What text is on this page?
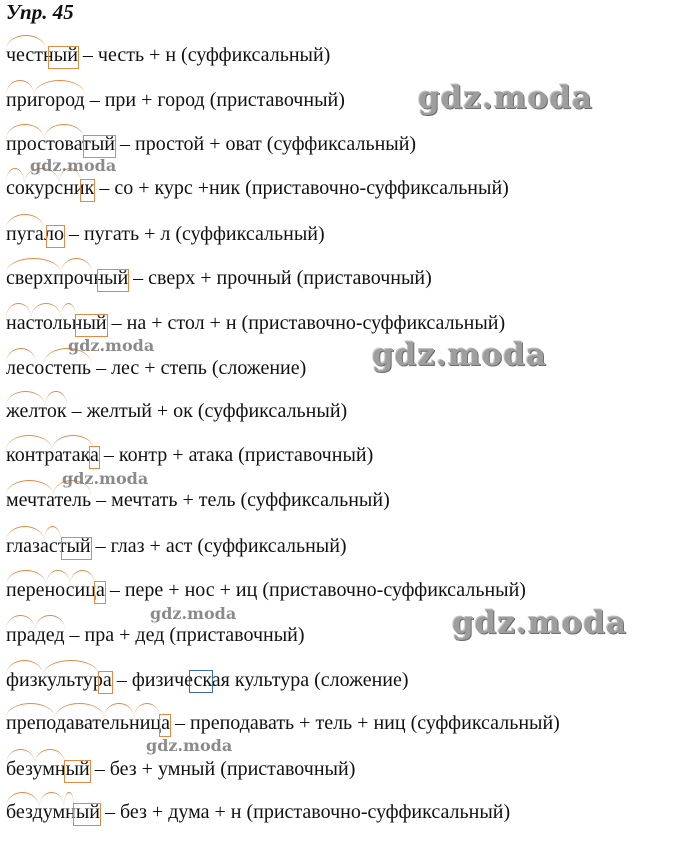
Упр. 45
честный
– честь + н (суффиксальный)
пригород
– при + город (приставочный)
простоватый
– простой + оват (суффиксальный)
сокурсник
– со + курс +ник (приставочно-суффиксальный)
пугало
– пугать + л (суффиксальный)
сверхпрочный
– сверх + прочный (приставочный)
настольный
– на + стол + н (приставочно-суффиксальный)
лесостепь
– лес + степь (сложение)
желток
– желтый + ок (суффиксальный)
контратака
– контр + атака (приставочный)
мечтатель
– мечтать + тель (суффиксальный)
глазастый
– глаз + аст (суффиксальный)
переносица
– пере + нос + иц (приставочно-суффиксальный)
прадед
– пра + дед (приставочный)
физкультура
– физическая культура (сложение)
преподавательница
– преподавать + тель + ниц (суффиксальный)
безумный
– без + умный (приставочный)
бездумный
– без + дума + н (приставочно-суффиксальный)
gdz.moda
gdz.moda
gdz.moda	gdz.moda
gdz.moda
gdz.moda	gdz.moda
gdz.moda
